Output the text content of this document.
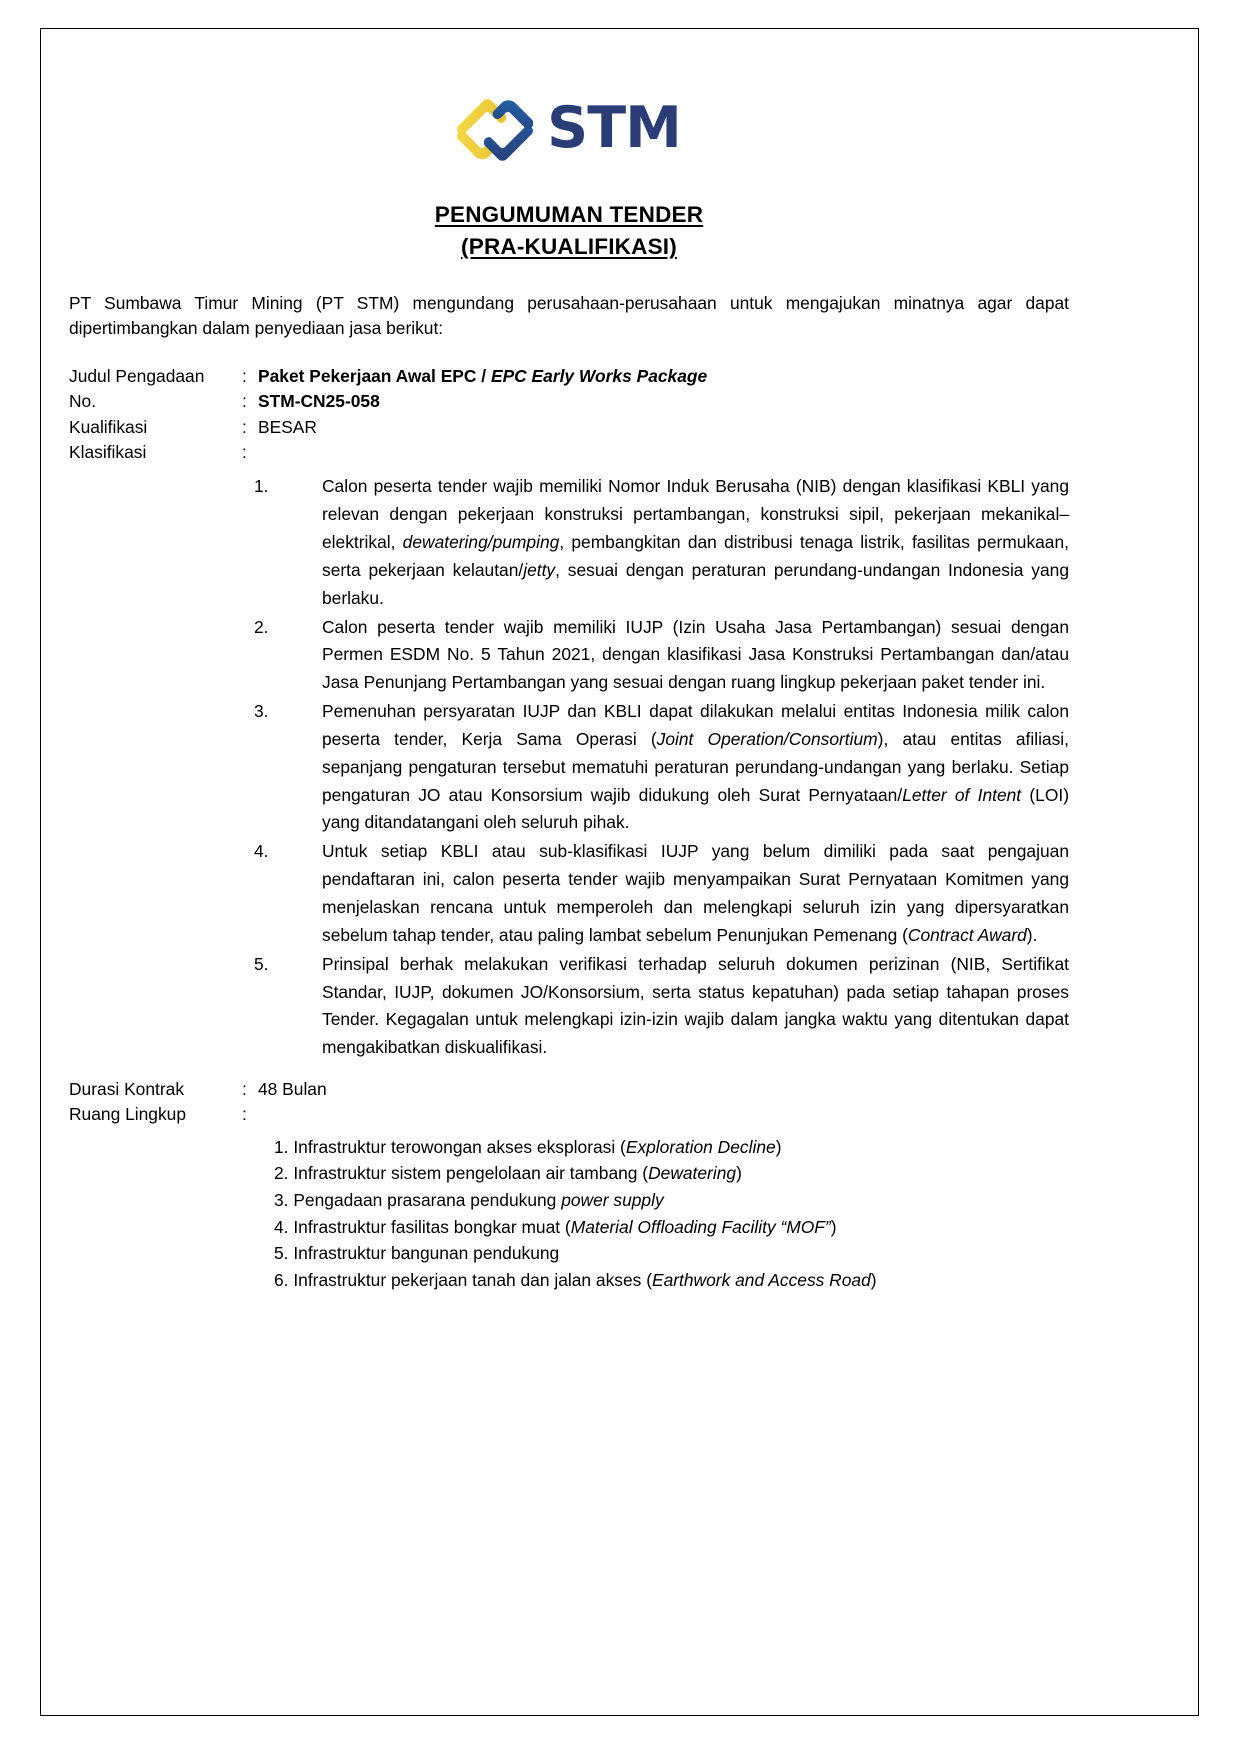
STM
PENGUMUMAN TENDER
(PRA-KUALIFIKASI)

PT Sumbawa Timur Mining (PT STM) mengundang perusahaan-perusahaan untuk mengajukan minatnya agar dapat dipertimbangkan dalam penyediaan jasa berikut:

Judul Pengadaan	: Paket Pekerjaan Awal EPC / EPC Early Works Package
No.	: STM-CN25-058
Kualifikasi	: BESAR
Klasifikasi	:
1.	Calon peserta tender wajib memiliki Nomor Induk Berusaha (NIB) dengan klasifikasi KBLI yang relevan dengan pekerjaan konstruksi pertambangan, konstruksi sipil, pekerjaan mekanikal–elektrikal, dewatering/pumping, pembangkitan dan distribusi tenaga listrik, fasilitas permukaan, serta pekerjaan kelautan/jetty, sesuai dengan peraturan perundang-undangan Indonesia yang berlaku.
2.	Calon peserta tender wajib memiliki IUJP (Izin Usaha Jasa Pertambangan) sesuai dengan Permen ESDM No. 5 Tahun 2021, dengan klasifikasi Jasa Konstruksi Pertambangan dan/atau Jasa Penunjang Pertambangan yang sesuai dengan ruang lingkup pekerjaan paket tender ini.
3.	Pemenuhan persyaratan IUJP dan KBLI dapat dilakukan melalui entitas Indonesia milik calon peserta tender, Kerja Sama Operasi (Joint Operation/Consortium), atau entitas afiliasi, sepanjang pengaturan tersebut mematuhi peraturan perundang-undangan yang berlaku. Setiap pengaturan JO atau Konsorsium wajib didukung oleh Surat Pernyataan/Letter of Intent (LOI) yang ditandatangani oleh seluruh pihak.
4.	Untuk setiap KBLI atau sub-klasifikasi IUJP yang belum dimiliki pada saat pengajuan pendaftaran ini, calon peserta tender wajib menyampaikan Surat Pernyataan Komitmen yang menjelaskan rencana untuk memperoleh dan melengkapi seluruh izin yang dipersyaratkan sebelum tahap tender, atau paling lambat sebelum Penunjukan Pemenang (Contract Award).
5.	Prinsipal berhak melakukan verifikasi terhadap seluruh dokumen perizinan (NIB, Sertifikat Standar, IUJP, dokumen JO/Konsorsium, serta status kepatuhan) pada setiap tahapan proses Tender. Kegagalan untuk melengkapi izin-izin wajib dalam jangka waktu yang ditentukan dapat mengakibatkan diskualifikasi.
Durasi Kontrak	: 48 Bulan
Ruang Lingkup	:
1. Infrastruktur terowongan akses eksplorasi (Exploration Decline)
2. Infrastruktur sistem pengelolaan air tambang (Dewatering)
3. Pengadaan prasarana pendukung power supply
4. Infrastruktur fasilitas bongkar muat (Material Offloading Facility “MOF”)
5. Infrastruktur bangunan pendukung
6. Infrastruktur pekerjaan tanah dan jalan akses (Earthwork and Access Road)
